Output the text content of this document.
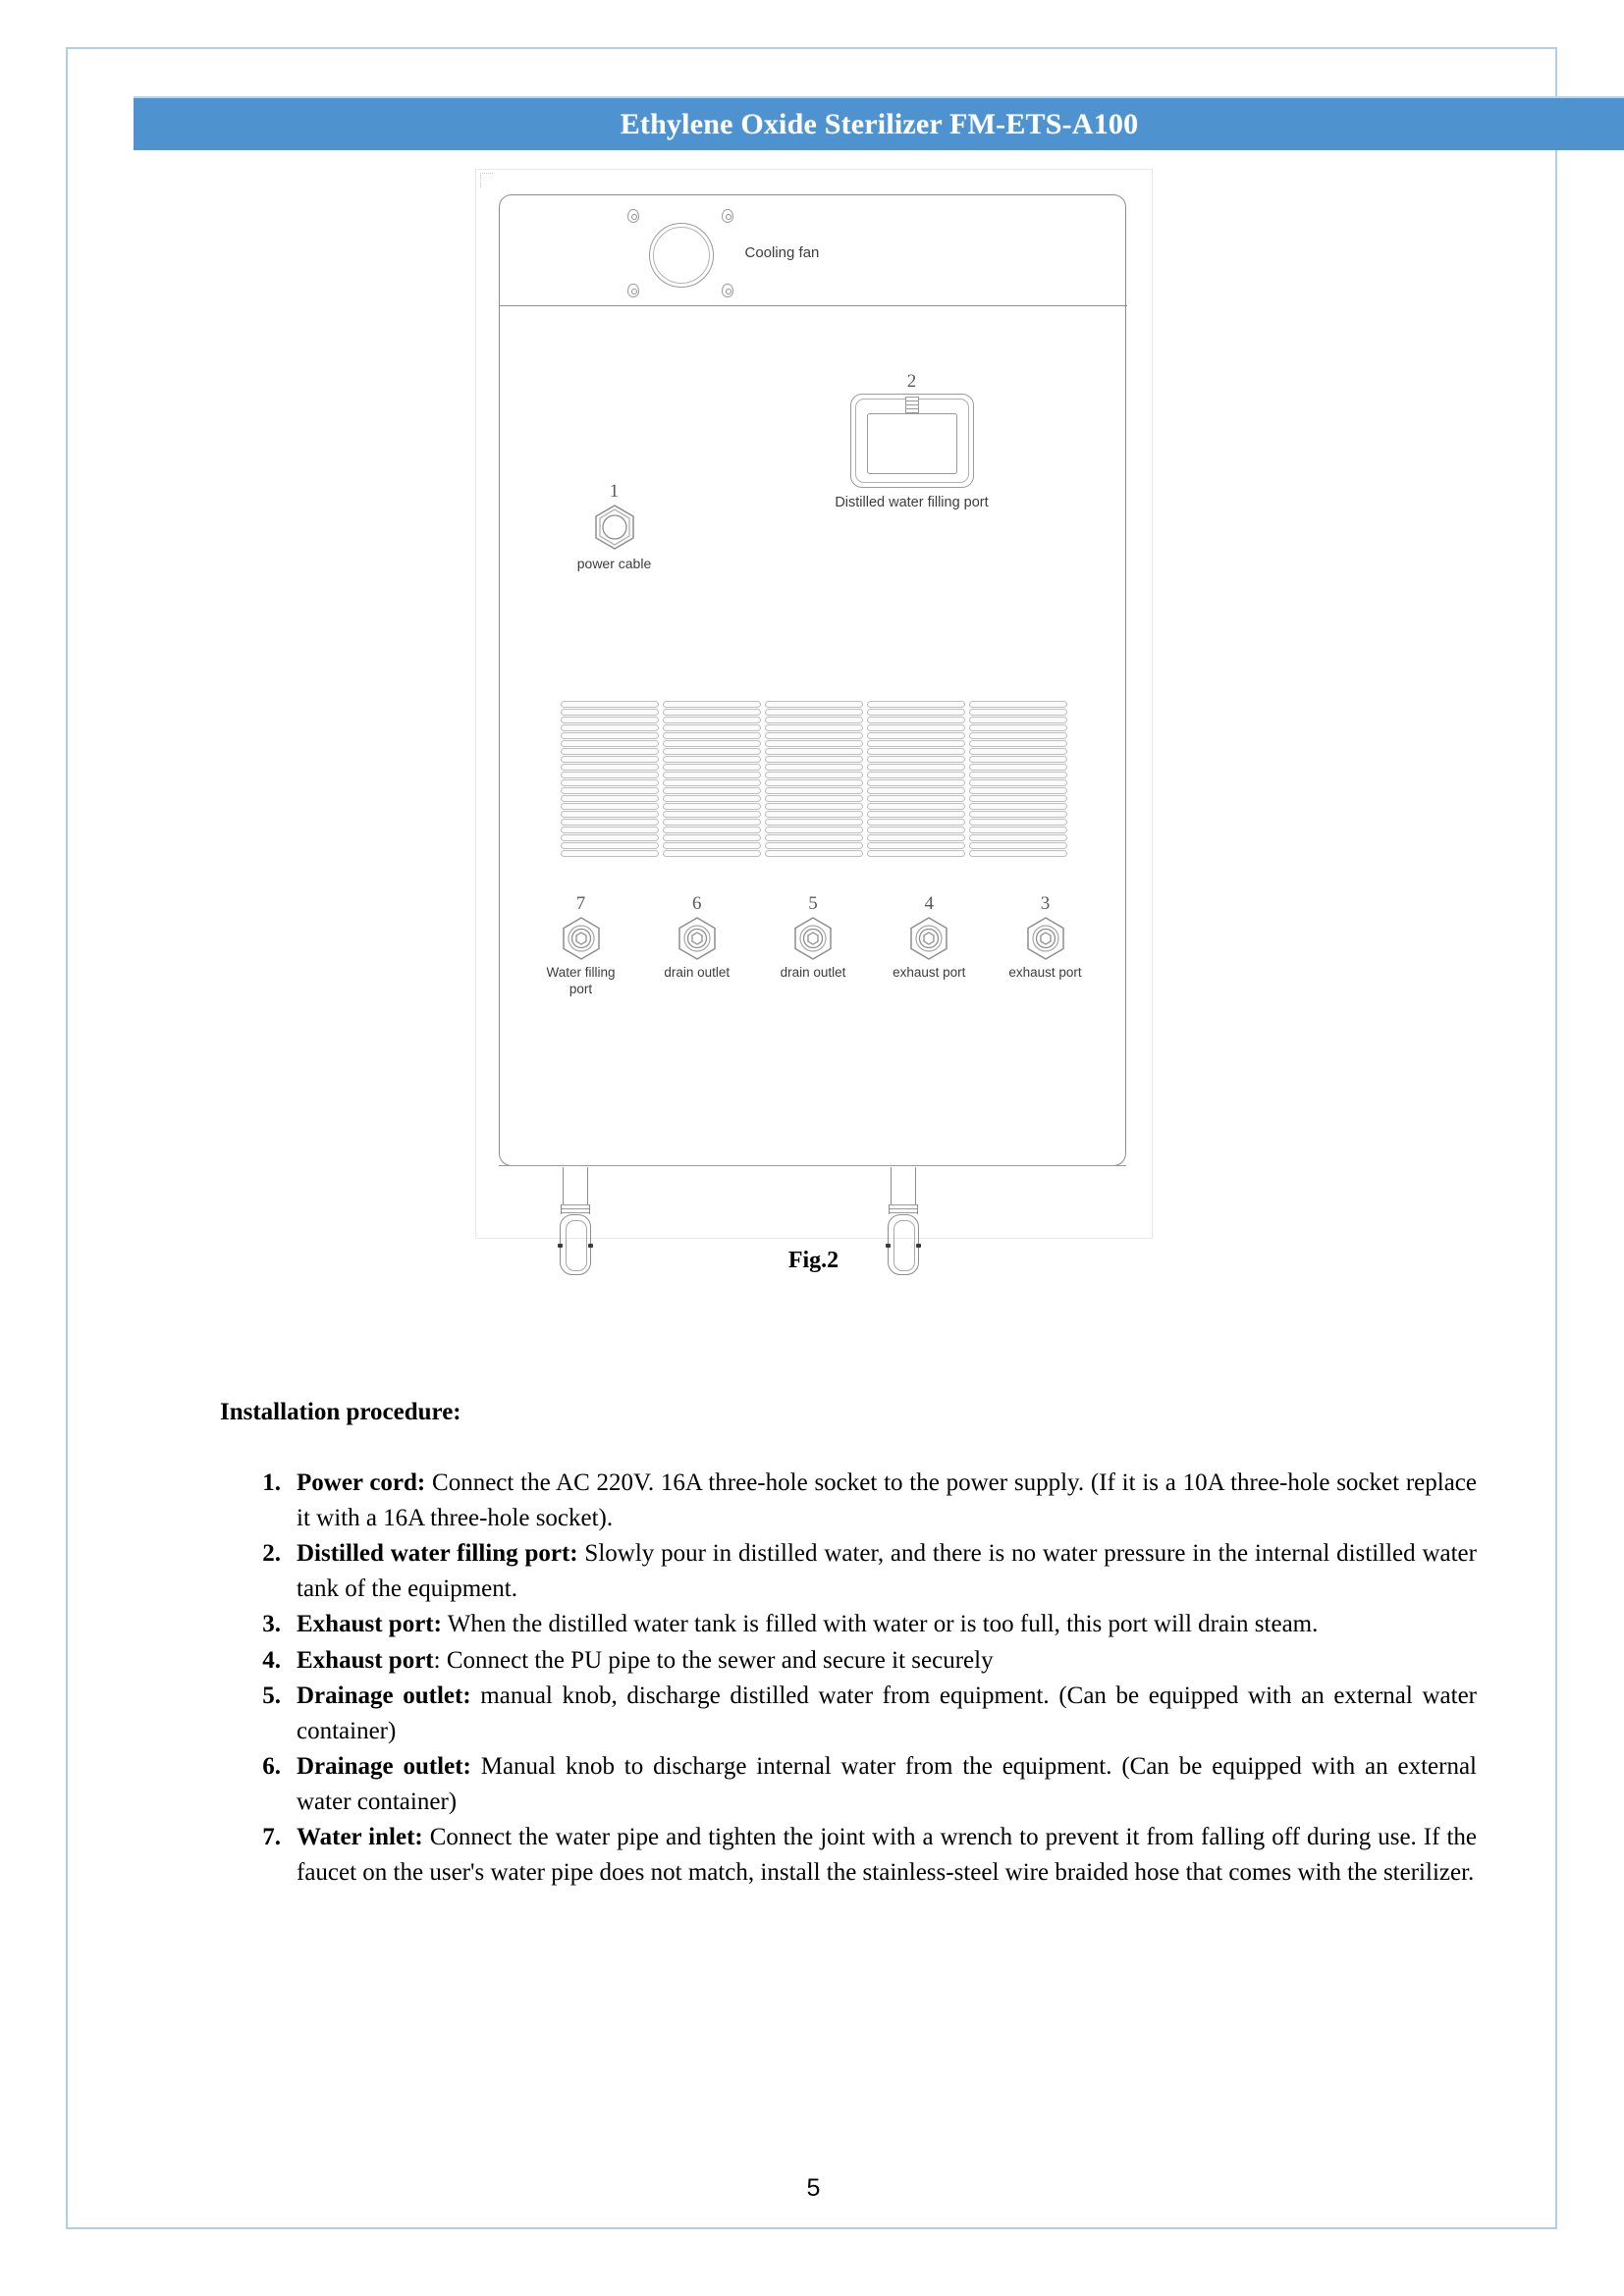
Ethylene Oxide Sterilizer FM-ETS-A100
Cooling fan
2
Distilled water filling port
1
power cable
7
Water filling
port
6
drain outlet
5
drain outlet
4
exhaust port
3
exhaust port
Fig.2
Installation procedure:
1. Power cord: Connect the AC 220V. 16A three-hole socket to the power supply. (If it is a 10A three-hole socket replace it with a 16A three-hole socket).
2. Distilled water filling port: Slowly pour in distilled water, and there is no water pressure in the internal distilled water tank of the equipment.
3. Exhaust port: When the distilled water tank is filled with water or is too full, this port will drain steam.
4. Exhaust port: Connect the PU pipe to the sewer and secure it securely
5. Drainage outlet: manual knob, discharge distilled water from equipment. (Can be equipped with an external water container)
6. Drainage outlet: Manual knob to discharge internal water from the equipment. (Can be equipped with an external water container)
7. Water inlet: Connect the water pipe and tighten the joint with a wrench to prevent it from falling off during use. If the faucet on the user's water pipe does not match, install the stainless-steel wire braided hose that comes with the sterilizer.
5
